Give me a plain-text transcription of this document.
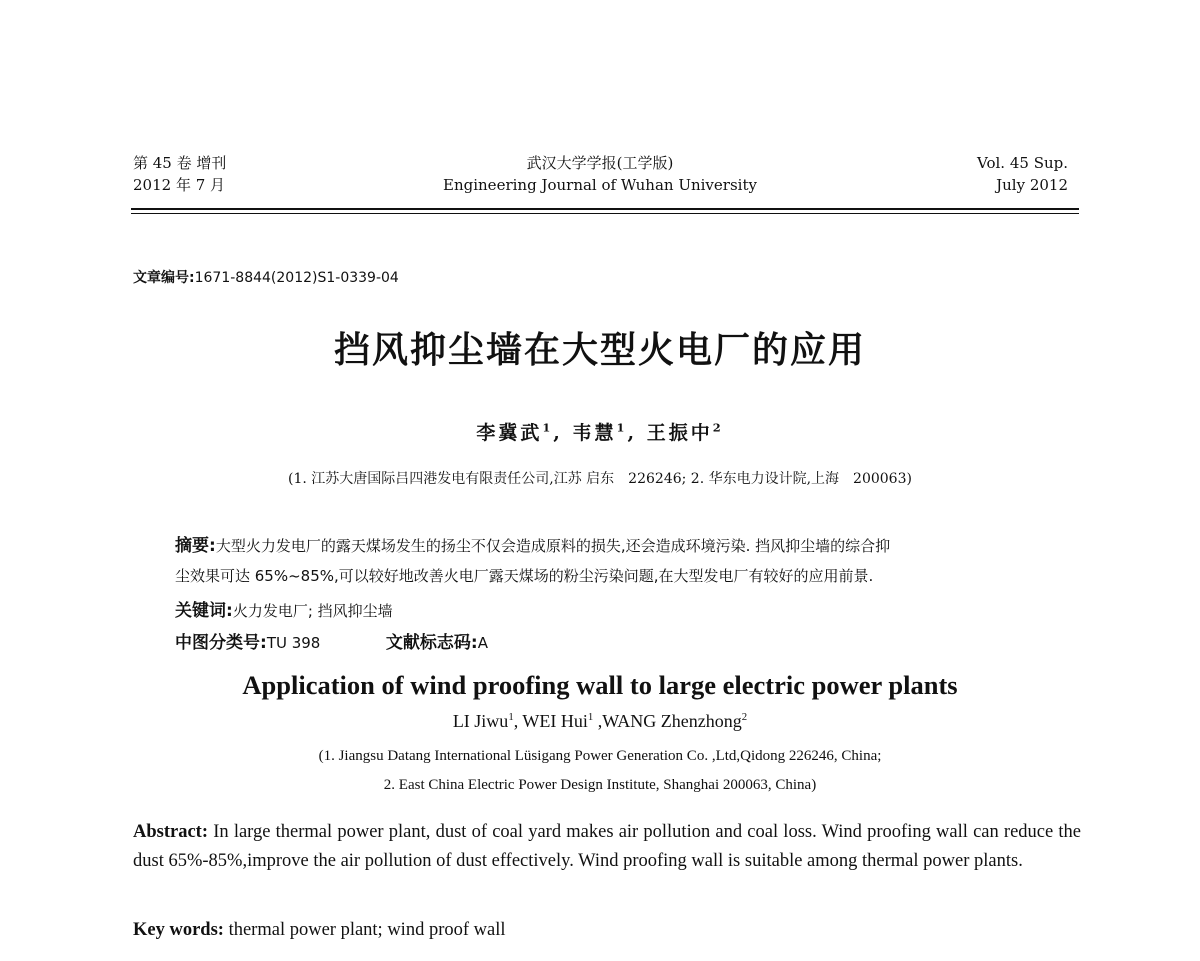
第 45 卷 增刊
2012 年 7 月
武汉大学学报(工学版)
Engineering Journal of Wuhan University
Vol. 45 Sup.
July 2012
文章编号:1671-8844(2012)S1-0339-04
挡风抑尘墙在大型火电厂的应用
李冀武$^1$, 韦慧$^1$, 王振中$^2$
(1. 江苏大唐国际吕四港发电有限责任公司,江苏 启东　226246; 2. 华东电力设计院,上海　200063)
摘要:大型火力发电厂的露天煤场发生的扬尘不仅会造成原料的损失,还会造成环境污染. 挡风抑尘墙的综合抑
尘效果可达 65%~85%,可以较好地改善火电厂露天煤场的粉尘污染问题,在大型发电厂有较好的应用前景.
关键词:火力发电厂; 挡风抑尘墙
中图分类号:TU 398	文献标志码:A
Application of wind proofing wall to large electric power plants
LI Jiwu$^1$, WEI Hui$^1$ ,WANG Zhenzhong$^2$
(1. Jiangsu Datang International Lüsigang Power Generation Co. ,Ltd,Qidong 226246, China;
2. East China Electric Power Design Institute, Shanghai 200063, China)
Abstract: In large thermal power plant, dust of coal yard makes air pollution and coal loss. Wind proofing wall can reduce the dust 65%-85%,improve the air pollution of dust effectively. Wind proofing wall is suitable among thermal power plants.
Key words: thermal power plant; wind proof wall
